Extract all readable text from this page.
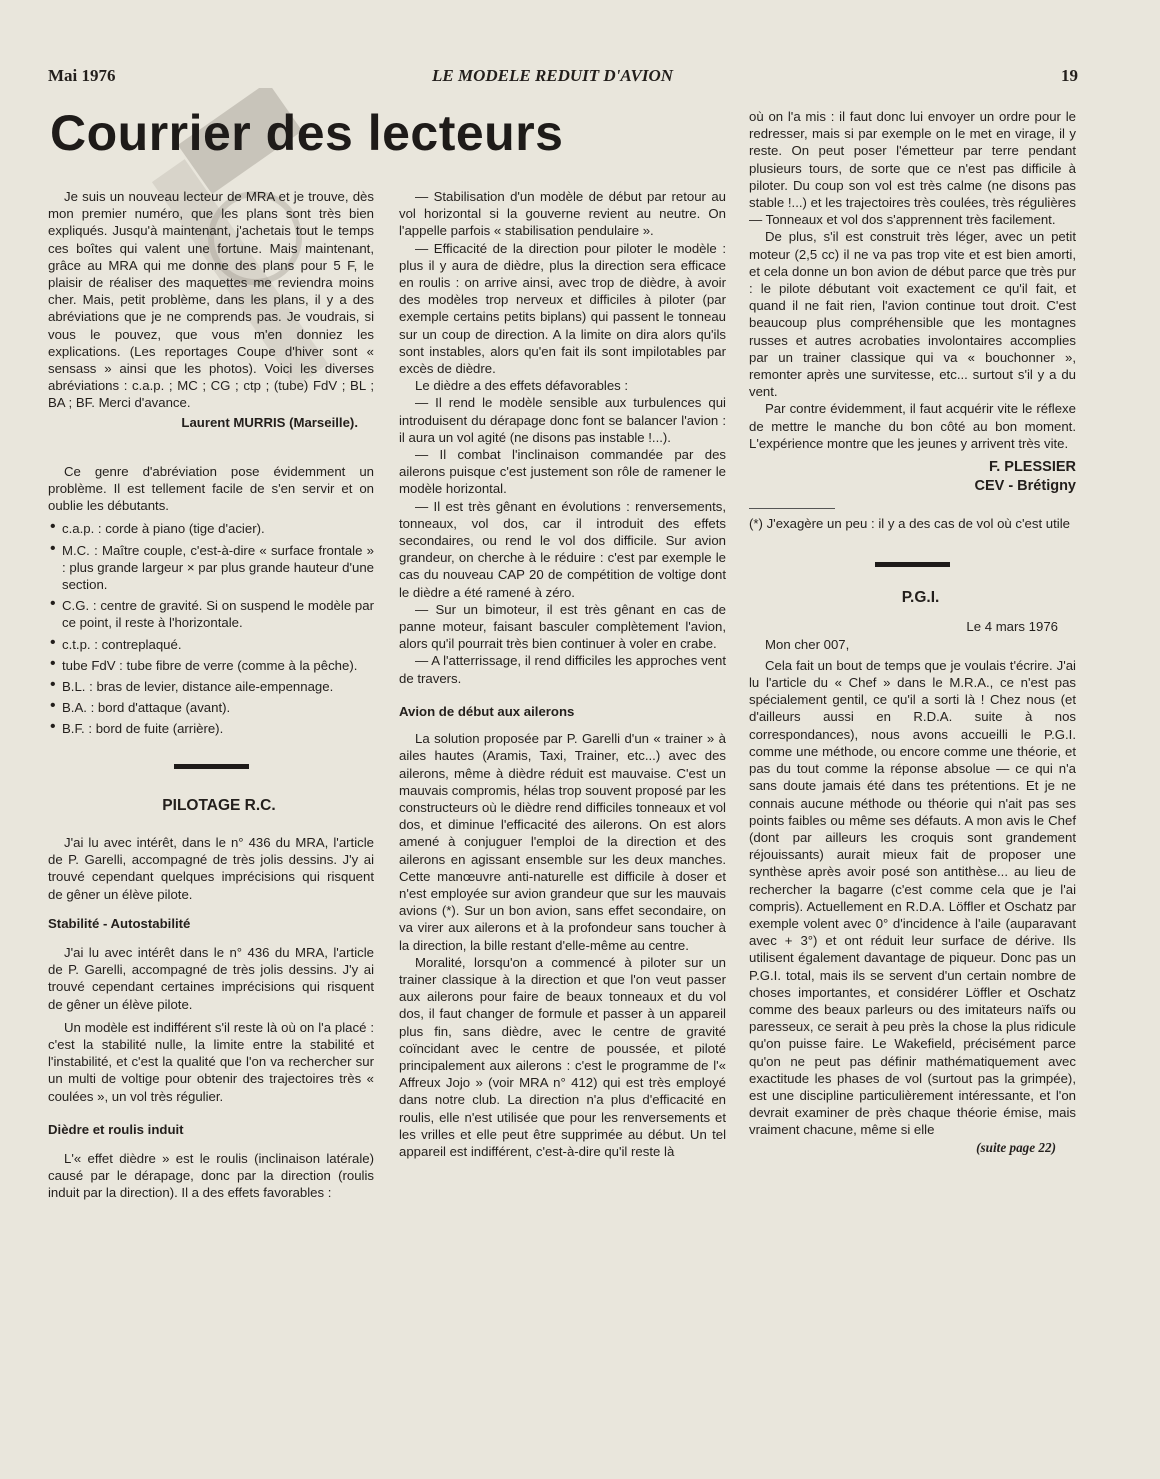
Mai 1976	LE MODELE REDUIT D'AVION	19
Courrier des lecteurs

Je suis un nouveau lecteur de MRA et je trouve, dès mon premier numéro, que les plans sont très bien expliqués. Jusqu'à maintenant, j'achetais tout le temps ces boîtes qui valent une fortune. Mais maintenant, grâce au MRA qui me donne des plans pour 5 F, le plaisir de réaliser des maquettes me reviendra moins cher. Mais, petit problème, dans les plans, il y a des abréviations que je ne comprends pas. Je voudrais, si vous le pouvez, que vous m'en donniez les explications. (Les reportages Coupe d'hiver sont « sensass » ainsi que les photos). Voici les diverses abréviations : c.a.p. ; MC ; CG ; ctp ; (tube) FdV ; BL ; BA ; BF. Merci d'avance.

Laurent MURRIS (Marseille).

Ce genre d'abréviation pose évidemment un problème. Il est tellement facile de s'en servir et on oublie les débutants.

• c.a.p. : corde à piano (tige d'acier).

• M.C. : Maître couple, c'est-à-dire « surface frontale » : plus grande largeur × par plus grande hauteur d'une section.

• C.G. : centre de gravité. Si on suspend le modèle par ce point, il reste à l'horizontale.

• c.t.p. : contreplaqué.

• tube FdV : tube fibre de verre (comme à la pêche).

• B.L. : bras de levier, distance aile-empennage.

• B.A. : bord d'attaque (avant).

• B.F. : bord de fuite (arrière).

PILOTAGE R.C.

J'ai lu avec intérêt, dans le n° 436 du MRA, l'article de P. Garelli, accompagné de très jolis dessins. J'y ai trouvé cependant quelques imprécisions qui risquent de gêner un élève pilote.

Stabilité - Autostabilité

J'ai lu avec intérêt dans le n° 436 du MRA, l'article de P. Garelli, accompagné de très jolis dessins. J'y ai trouvé cependant certaines imprécisions qui risquent de gêner un élève pilote.

Un modèle est indifférent s'il reste là où on l'a placé : c'est la stabilité nulle, la limite entre la stabilité et l'instabilité, et c'est la qualité que l'on va rechercher sur un multi de voltige pour obtenir des trajectoires très « coulées », un vol très régulier.

Dièdre et roulis induit

L'« effet dièdre » est le roulis (inclinaison latérale) causé par le dérapage, donc par la direction (roulis induit par la direction). Il a des effets favorables :

— Stabilisation d'un modèle de début par retour au vol horizontal si la gouverne revient au neutre. On l'appelle parfois « stabilisation pendulaire ».

— Efficacité de la direction pour piloter le modèle : plus il y aura de dièdre, plus la direction sera efficace en roulis : on arrive ainsi, avec trop de dièdre, à avoir des modèles trop nerveux et difficiles à piloter (par exemple certains petits biplans) qui passent le tonneau sur un coup de direction. A la limite on dira alors qu'ils sont instables, alors qu'en fait ils sont impilotables par excès de dièdre.

Le dièdre a des effets défavorables :

— Il rend le modèle sensible aux turbulences qui introduisent du dérapage donc font se balancer l'avion : il aura un vol agité (ne disons pas instable !...).

— Il combat l'inclinaison commandée par des ailerons puisque c'est justement son rôle de ramener le modèle horizontal.

— Il est très gênant en évolutions : renversements, tonneaux, vol dos, car il introduit des effets secondaires, ou rend le vol dos difficile. Sur avion grandeur, on cherche à le réduire : c'est par exemple le cas du nouveau CAP 20 de compétition de voltige dont le dièdre a été ramené à zéro.

— Sur un bimoteur, il est très gênant en cas de panne moteur, faisant basculer complètement l'avion, alors qu'il pourrait très bien continuer à voler en crabe.

— A l'atterrissage, il rend difficiles les approches vent de travers.

Avion de début aux ailerons

La solution proposée par P. Garelli d'un « trainer » à ailes hautes (Aramis, Taxi, Trainer, etc...) avec des ailerons, même à dièdre réduit est mauvaise. C'est un mauvais compromis, hélas trop souvent proposé par les constructeurs où le dièdre rend difficiles tonneaux et vol dos, et diminue l'efficacité des ailerons. On est alors amené à conjuguer l'emploi de la direction et des ailerons en agissant ensemble sur les deux manches. Cette manœuvre anti-naturelle est difficile à doser et n'est employée sur avion grandeur que sur les mauvais avions (*). Sur un bon avion, sans effet secondaire, on va virer aux ailerons et à la profondeur sans toucher à la direction, la bille restant d'elle-même au centre.

Moralité, lorsqu'on a commencé à piloter sur un trainer classique à la direction et que l'on veut passer aux ailerons pour faire de beaux tonneaux et du vol dos, il faut changer de formule et passer à un appareil plus fin, sans dièdre, avec le centre de gravité coïncidant avec le centre de poussée, et piloté principalement aux ailerons : c'est le programme de l'« Affreux Jojo » (voir MRA n° 412) qui est très employé dans notre club. La direction n'a plus d'efficacité en roulis, elle n'est utilisée que pour les renversements et les vrilles et elle peut être supprimée au début. Un tel appareil est indifférent, c'est-à-dire qu'il reste là

où on l'a mis : il faut donc lui envoyer un ordre pour le redresser, mais si par exemple on le met en virage, il y reste. On peut poser l'émetteur par terre pendant plusieurs tours, de sorte que ce n'est pas difficile à piloter. Du coup son vol est très calme (ne disons pas stable !...) et les trajectoires très coulées, très régulières — Tonneaux et vol dos s'apprennent très facilement.

De plus, s'il est construit très léger, avec un petit moteur (2,5 cc) il ne va pas trop vite et est bien amorti, et cela donne un bon avion de début parce que très pur : le pilote débutant voit exactement ce qu'il fait, et quand il ne fait rien, l'avion continue tout droit. C'est beaucoup plus compréhensible que les montagnes russes et autres acrobaties involontaires accomplies par un trainer classique qui va « bouchonner », remonter après une survitesse, etc... surtout s'il y a du vent.

Par contre évidemment, il faut acquérir vite le réflexe de mettre le manche du bon côté au bon moment. L'expérience montre que les jeunes y arrivent très vite.

F. PLESSIER

CEV - Brétigny

(*) J'exagère un peu : il y a des cas de vol où c'est utile

P.G.I.

Le 4 mars 1976

Mon cher 007,

Cela fait un bout de temps que je voulais t'écrire. J'ai lu l'article du « Chef » dans le M.R.A., ce n'est pas spécialement gentil, ce qu'il a sorti là ! Chez nous (et d'ailleurs aussi en R.D.A. suite à nos correspondances), nous avons accueilli le P.G.I. comme une méthode, ou encore comme une théorie, et pas du tout comme la réponse absolue — ce qui n'a sans doute jamais été dans tes prétentions. Et je ne connais aucune méthode ou théorie qui n'ait pas ses points faibles ou même ses défauts. A mon avis le Chef (dont par ailleurs les croquis sont grandement réjouissants) aurait mieux fait de proposer une synthèse après avoir posé son antithèse... au lieu de rechercher la bagarre (c'est comme cela que je l'ai compris). Actuellement en R.D.A. Löffler et Oschatz par exemple volent avec 0° d'incidence à l'aile (auparavant avec + 3°) et ont réduit leur surface de dérive. Ils utilisent également davantage de piqueur. Donc pas un P.G.I. total, mais ils se servent d'un certain nombre de choses importantes, et considérer Löffler et Oschatz comme des beaux parleurs ou des imitateurs naïfs ou paresseux, ce serait à peu près la chose la plus ridicule qu'on puisse faire. Le Wakefield, précisément parce qu'on ne peut pas définir mathématiquement avec exactitude les phases de vol (surtout pas la grimpée), est une discipline particulièrement intéressante, et l'on devrait examiner de près chaque théorie émise, mais vraiment chacune, même si elle

(suite page 22)
